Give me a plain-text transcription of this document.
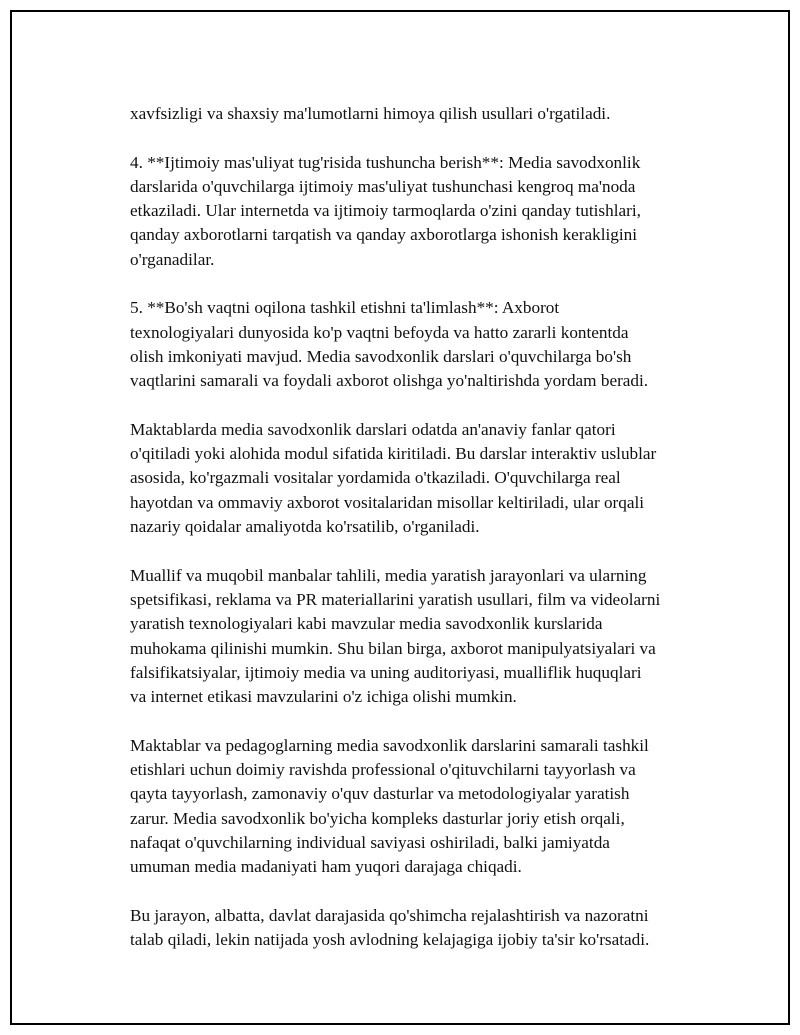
xavfsizligi va shaxsiy ma'lumotlarni himoya qilish usullari o'rgatiladi.

4. **Ijtimoiy mas'uliyat tug'risida tushuncha berish**: Media savodxonlik
darslarida o'quvchilarga ijtimoiy mas'uliyat tushunchasi kengroq ma'noda
etkaziladi. Ular internetda va ijtimoiy tarmoqlarda o'zini qanday tutishlari,
qanday axborotlarni tarqatish va qanday axborotlarga ishonish kerakligini
o'rganadilar.

5. **Bo'sh vaqtni oqilona tashkil etishni ta'limlash**: Axborot
texnologiyalari dunyosida ko'p vaqtni befoyda va hatto zararli kontentda
olish imkoniyati mavjud. Media savodxonlik darslari o'quvchilarga bo'sh
vaqtlarini samarali va foydali axborot olishga yo'naltirishda yordam beradi.

Maktablarda media savodxonlik darslari odatda an'anaviy fanlar qatori
o'qitiladi yoki alohida modul sifatida kiritiladi. Bu darslar interaktiv uslublar
asosida, ko'rgazmali vositalar yordamida o'tkaziladi. O'quvchilarga real
hayotdan va ommaviy axborot vositalaridan misollar keltiriladi, ular orqali
nazariy qoidalar amaliyotda ko'rsatilib, o'rganiladi.

Muallif va muqobil manbalar tahlili, media yaratish jarayonlari va ularning
spetsifikasi, reklama va PR materiallarini yaratish usullari, film va videolarni
yaratish texnologiyalari kabi mavzular media savodxonlik kurslarida
muhokama qilinishi mumkin. Shu bilan birga, axborot manipulyatsiyalari va
falsifikatsiyalar, ijtimoiy media va uning auditoriyasi, mualliflik huquqlari
va internet etikasi mavzularini o'z ichiga olishi mumkin.

Maktablar va pedagoglarning media savodxonlik darslarini samarali tashkil
etishlari uchun doimiy ravishda professional o'qituvchilarni tayyorlash va
qayta tayyorlash, zamonaviy o'quv dasturlar va metodologiyalar yaratish
zarur. Media savodxonlik bo'yicha kompleks dasturlar joriy etish orqali,
nafaqat o'quvchilarning individual saviyasi oshiriladi, balki jamiyatda
umuman media madaniyati ham yuqori darajaga chiqadi.

Bu jarayon, albatta, davlat darajasida qo'shimcha rejalashtirish va nazoratni
talab qiladi, lekin natijada yosh avlodning kelajagiga ijobiy ta'sir ko'rsatadi.
